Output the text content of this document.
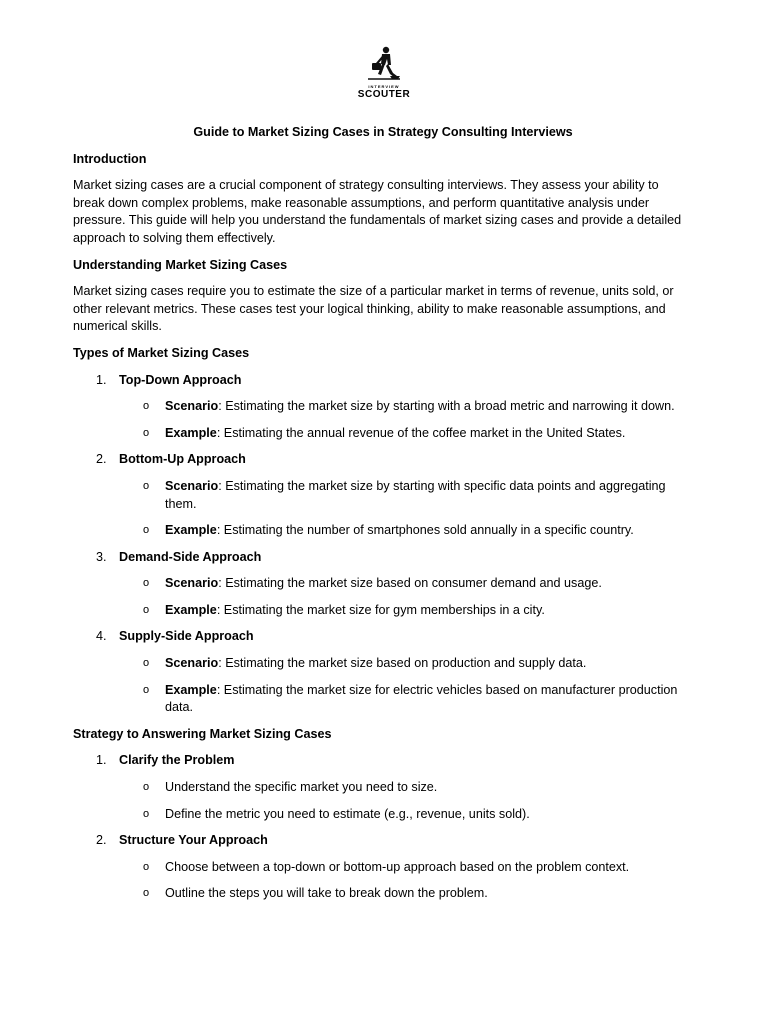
INTERVIEW
SCOUTER
Guide to Market Sizing Cases in Strategy Consulting Interviews
Introduction
Market sizing cases are a crucial component of strategy consulting interviews. They assess your ability to break down complex problems, make reasonable assumptions, and perform quantitative analysis under pressure. This guide will help you understand the fundamentals of market sizing cases and provide a detailed approach to solving them effectively.
Understanding Market Sizing Cases
Market sizing cases require you to estimate the size of a particular market in terms of revenue, units sold, or other relevant metrics. These cases test your logical thinking, ability to make reasonable assumptions, and numerical skills.
Types of Market Sizing Cases
1. Top-Down Approach
o Scenario: Estimating the market size by starting with a broad metric and narrowing it down.
o Example: Estimating the annual revenue of the coffee market in the United States.
2. Bottom-Up Approach
o Scenario: Estimating the market size by starting with specific data points and aggregating them.
o Example: Estimating the number of smartphones sold annually in a specific country.
3. Demand-Side Approach
o Scenario: Estimating the market size based on consumer demand and usage.
o Example: Estimating the market size for gym memberships in a city.
4. Supply-Side Approach
o Scenario: Estimating the market size based on production and supply data.
o Example: Estimating the market size for electric vehicles based on manufacturer production data.
Strategy to Answering Market Sizing Cases
1. Clarify the Problem
o Understand the specific market you need to size.
o Define the metric you need to estimate (e.g., revenue, units sold).
2. Structure Your Approach
o Choose between a top-down or bottom-up approach based on the problem context.
o Outline the steps you will take to break down the problem.
